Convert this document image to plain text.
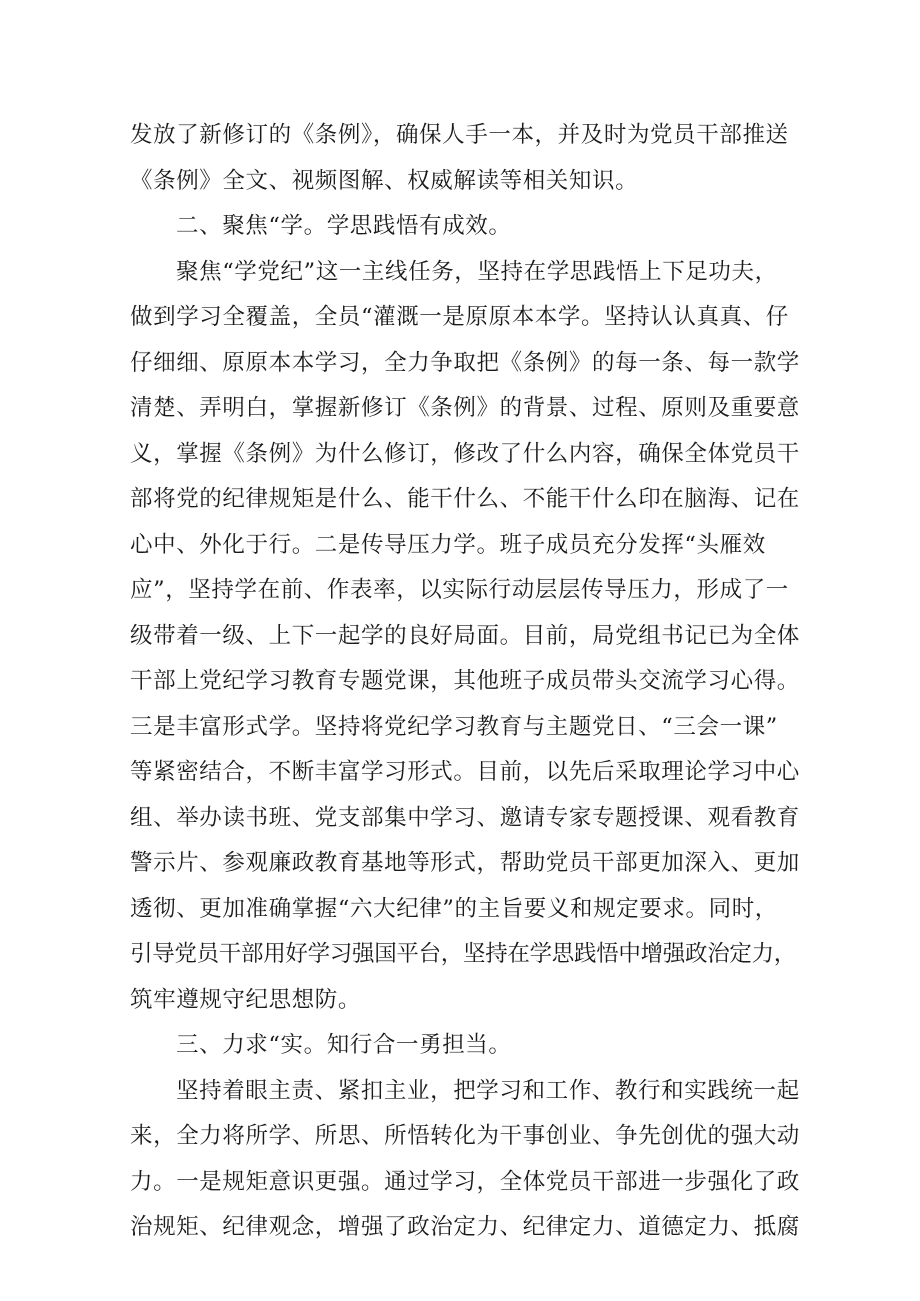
发放了新修订的《条例》，确保人手一本，并及时为党员干部推送
《条例》全文、视频图解、权威解读等相关知识。
二、聚焦“学。学思践悟有成效。
聚焦“学党纪”这一主线任务，坚持在学思践悟上下足功夫，
做到学习全覆盖，全员“灌溉一是原原本本学。坚持认认真真、仔
仔细细、原原本本学习，全力争取把《条例》的每一条、每一款学
清楚、弄明白，掌握新修订《条例》的背景、过程、原则及重要意
义，掌握《条例》为什么修订，修改了什么内容，确保全体党员干
部将党的纪律规矩是什么、能干什么、不能干什么印在脑海、记在
心中、外化于行。二是传导压力学。班子成员充分发挥“头雁效
应”，坚持学在前、作表率，以实际行动层层传导压力，形成了一
级带着一级、上下一起学的良好局面。目前，局党组书记已为全体
干部上党纪学习教育专题党课，其他班子成员带头交流学习心得。
三是丰富形式学。坚持将党纪学习教育与主题党日、“三会一课”
等紧密结合，不断丰富学习形式。目前，以先后采取理论学习中心
组、举办读书班、党支部集中学习、邀请专家专题授课、观看教育
警示片、参观廉政教育基地等形式，帮助党员干部更加深入、更加
透彻、更加准确掌握“六大纪律”的主旨要义和规定要求。同时，
引导党员干部用好学习强国平台，坚持在学思践悟中增强政治定力，
筑牢遵规守纪思想防。
三、力求“实。知行合一勇担当。
坚持着眼主责、紧扣主业，把学习和工作、教行和实践统一起
来，全力将所学、所思、所悟转化为干事创业、争先创优的强大动
力。一是规矩意识更强。通过学习，全体党员干部进一步强化了政
治规矩、纪律观念，增强了政治定力、纪律定力、道德定力、抵腐
